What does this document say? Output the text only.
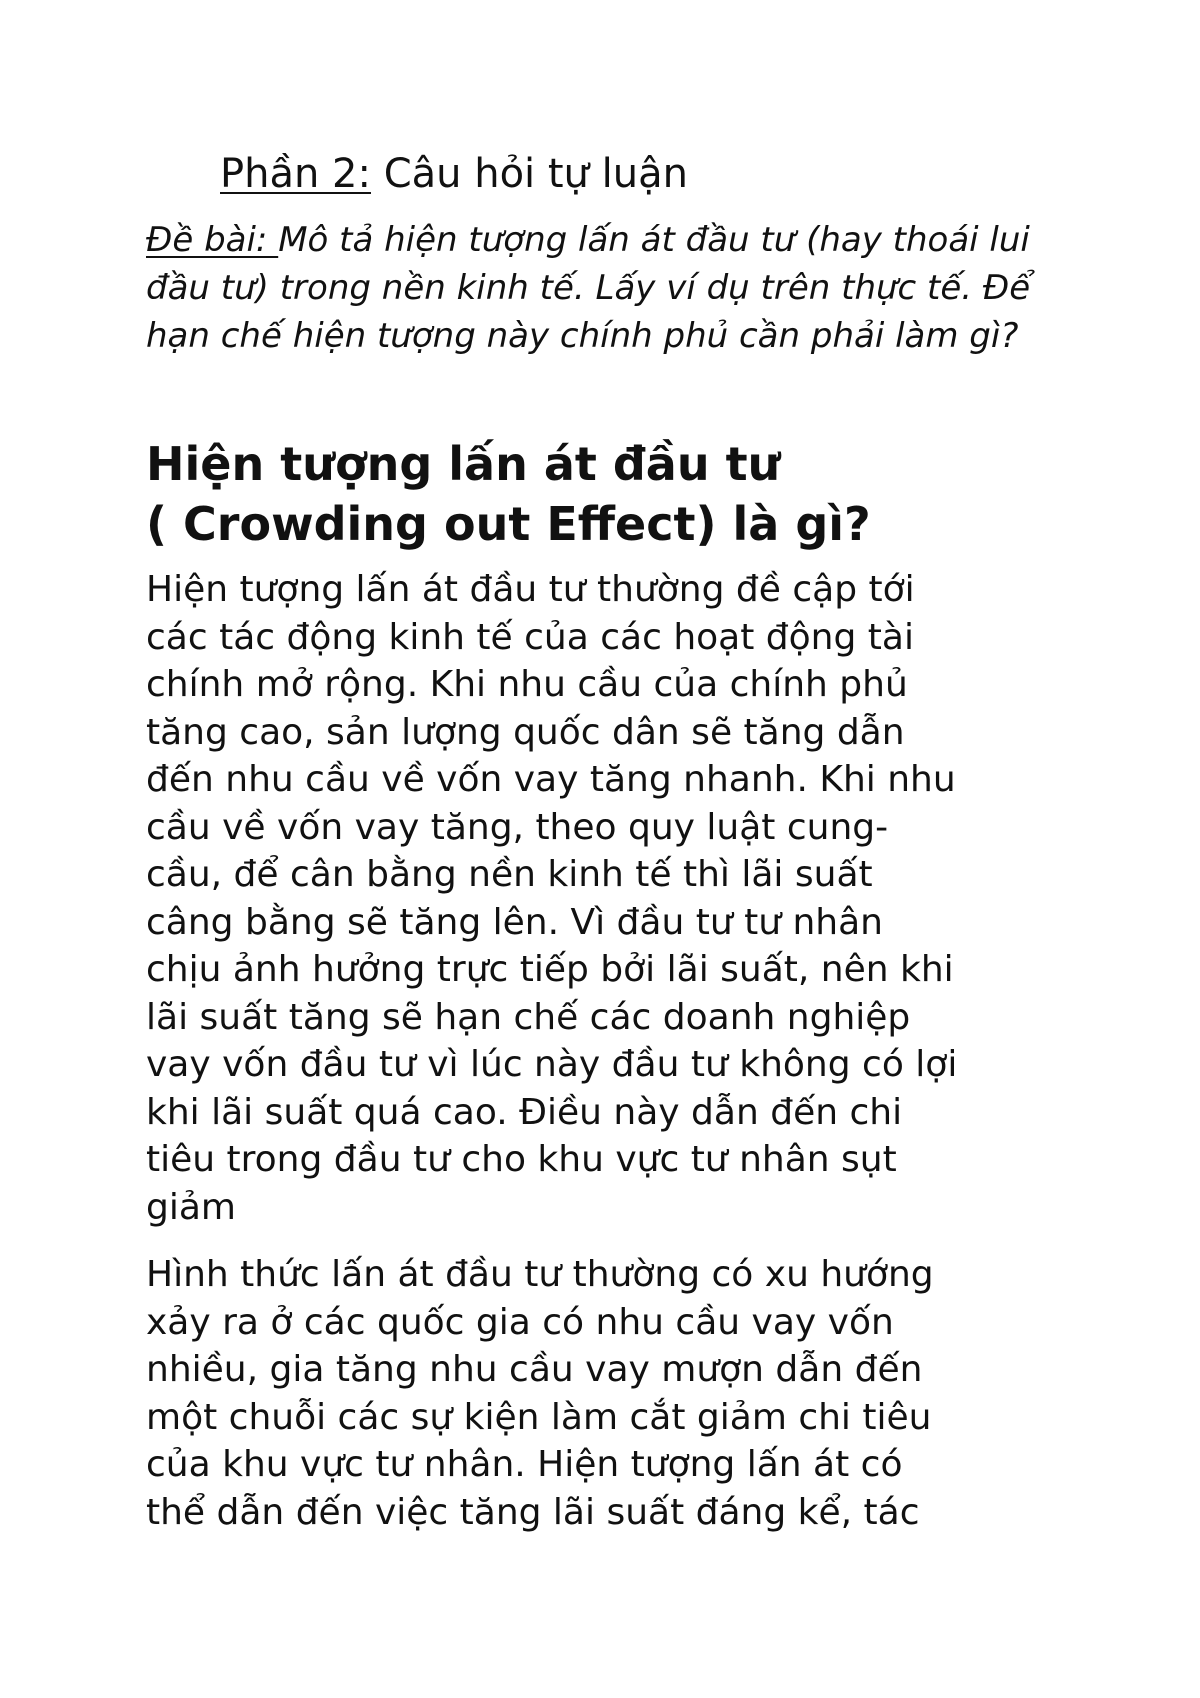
Phần 2: Câu hỏi tự luận
Đề bài: Mô tả hiện tượng lấn át đầu tư (hay thoái lui đầu tư) trong nền kinh tế. Lấy ví dụ trên thực tế. Để hạn chế hiện tượng này chính phủ cần phải làm gì?
Hiện tượng lấn át đầu tư
( Crowding out Effect) là gì?
Hiện tượng lấn át đầu tư thường đề cập tới
các tác động kinh tế của các hoạt động tài
chính mở rộng. Khi nhu cầu của chính phủ
tăng cao, sản lượng quốc dân sẽ tăng dẫn
đến nhu cầu về vốn vay tăng nhanh. Khi nhu
cầu về vốn vay tăng, theo quy luật cung-
cầu, để cân bằng nền kinh tế thì lãi suất
câng bằng sẽ tăng lên. Vì đầu tư tư nhân
chịu ảnh hưởng trực tiếp bởi lãi suất, nên khi
lãi suất tăng sẽ hạn chế các doanh nghiệp
vay vốn đầu tư vì lúc này đầu tư không có lợi
khi lãi suất quá cao. Điều này dẫn đến chi
tiêu trong đầu tư cho khu vực tư nhân sụt
giảm
Hình thức lấn át đầu tư thường có xu hướng
xảy ra ở các quốc gia có nhu cầu vay vốn
nhiều, gia tăng nhu cầu vay mượn dẫn đến
một chuỗi các sự kiện làm cắt giảm chi tiêu
của khu vực tư nhân. Hiện tượng lấn át có
thể dẫn đến việc tăng lãi suất đáng kể, tác
